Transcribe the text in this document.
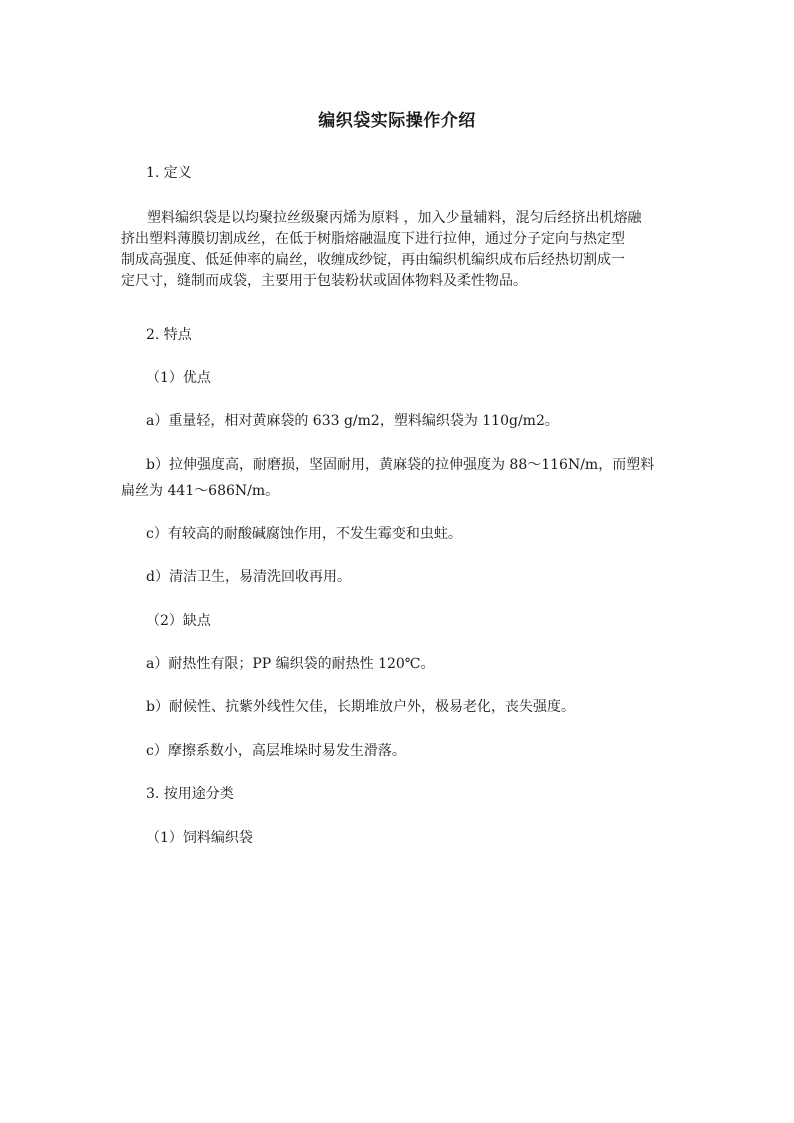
编织袋实际操作介绍

1. 定义

塑料编织袋是以均聚拉丝级聚丙烯为原料 ，加入少量辅料，混匀后经挤出机熔融
挤出塑料薄膜切割成丝，在低于树脂熔融温度下进行拉伸，通过分子定向与热定型
制成高强度、低延伸率的扁丝，收缠成纱锭，再由编织机编织成布后经热切割成一
定尺寸，缝制而成袋，主要用于包装粉状或固体物料及柔性物品。

2. 特点

（1）优点

a）重量轻，相对黄麻袋的 633 g/m2，塑料编织袋为 110g/m2。

b）拉伸强度高，耐磨损，坚固耐用，黄麻袋的拉伸强度为 88～116N/m，而塑料

扁丝为 441～686N/m。

c）有较高的耐酸碱腐蚀作用，不发生霉变和虫蛀。

d）清洁卫生，易清洗回收再用。

（2）缺点

a）耐热性有限；PP 编织袋的耐热性 120℃。

b）耐候性、抗紫外线性欠佳，长期堆放户外，极易老化，丧失强度。

c）摩擦系数小，高层堆垛时易发生滑落。

3. 按用途分类

（1）饲料编织袋
